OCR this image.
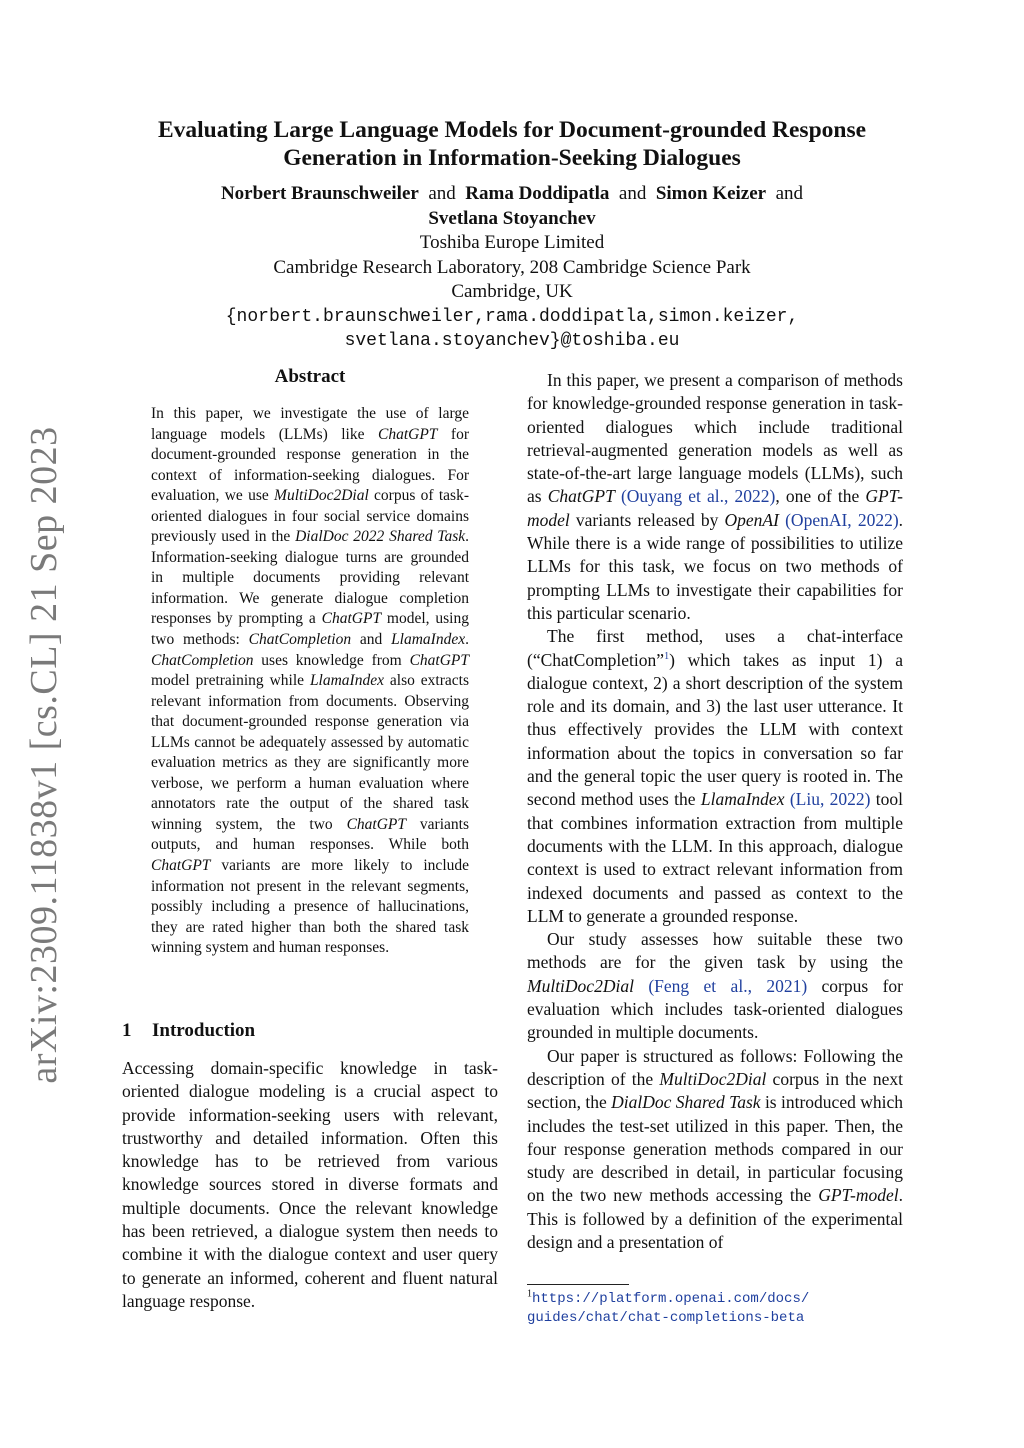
arXiv:2309.11838v1 [cs.CL] 21 Sep 2023
Evaluating Large Language Models for Document-grounded Response
Generation in Information-Seeking Dialogues
Norbert Braunschweiler and Rama Doddipatla and Simon Keizer and
Svetlana Stoyanchev
Toshiba Europe Limited
Cambridge Research Laboratory, 208 Cambridge Science Park
Cambridge, UK
{norbert.braunschweiler,rama.doddipatla,simon.keizer,
svetlana.stoyanchev}@toshiba.eu
Abstract
In this paper, we investigate the use of large language models (LLMs) like ChatGPT for document-grounded response generation in the context of information-seeking dialogues. For evaluation, we use MultiDoc2Dial corpus of task-oriented dialogues in four social service domains previously used in the DialDoc 2022 Shared Task. Information-seeking dialogue turns are grounded in multiple documents providing relevant information. We generate dialogue completion responses by prompting a ChatGPT model, using two methods: ChatCompletion and LlamaIndex. ChatCompletion uses knowledge from ChatGPT model pretraining while LlamaIndex also extracts relevant information from documents. Observing that document-grounded response generation via LLMs cannot be adequately assessed by automatic evaluation metrics as they are significantly more verbose, we perform a human evaluation where annotators rate the output of the shared task winning system, the two ChatGPT variants outputs, and human responses. While both ChatGPT variants are more likely to include information not present in the relevant segments, possibly including a presence of hallucinations, they are rated higher than both the shared task winning system and human responses.
1 Introduction

Accessing domain-specific knowledge in task-oriented dialogue modeling is a crucial aspect to provide information-seeking users with relevant, trustworthy and detailed information. Often this knowledge has to be retrieved from various knowledge sources stored in diverse formats and multiple documents. Once the relevant knowledge has been retrieved, a dialogue system then needs to combine it with the dialogue context and user query to generate an informed, coherent and fluent natural language response.

In this paper, we present a comparison of methods for knowledge-grounded response generation in task-oriented dialogues which include traditional retrieval-augmented generation models as well as state-of-the-art large language models (LLMs), such as ChatGPT (Ouyang et al., 2022), one of the GPT-model variants released by OpenAI (OpenAI, 2022). While there is a wide range of possibilities to utilize LLMs for this task, we focus on two methods of prompting LLMs to investigate their capabilities for this particular scenario.

The first method, uses a chat-interface (“ChatCompletion”$^1$) which takes as input 1) a dialogue context, 2) a short description of the system role and its domain, and 3) the last user utterance. It thus effectively provides the LLM with context information about the topics in conversation so far and the general topic the user query is rooted in. The second method uses the LlamaIndex (Liu, 2022) tool that combines information extraction from multiple documents with the LLM. In this approach, dialogue context is used to extract relevant information from indexed documents and passed as context to the LLM to generate a grounded response.

Our study assesses how suitable these two methods are for the given task by using the MultiDoc2Dial (Feng et al., 2021) corpus for evaluation which includes task-oriented dialogues grounded in multiple documents.

Our paper is structured as follows: Following the description of the MultiDoc2Dial corpus in the next section, the DialDoc Shared Task is introduced which includes the test-set utilized in this paper. Then, the four response generation methods compared in our study are described in detail, in particular focusing on the two new methods accessing the GPT-model. This is followed by a definition of the experimental design and a presentation of

$^1$https://platform.openai.com/docs/
guides/chat/chat-completions-beta
